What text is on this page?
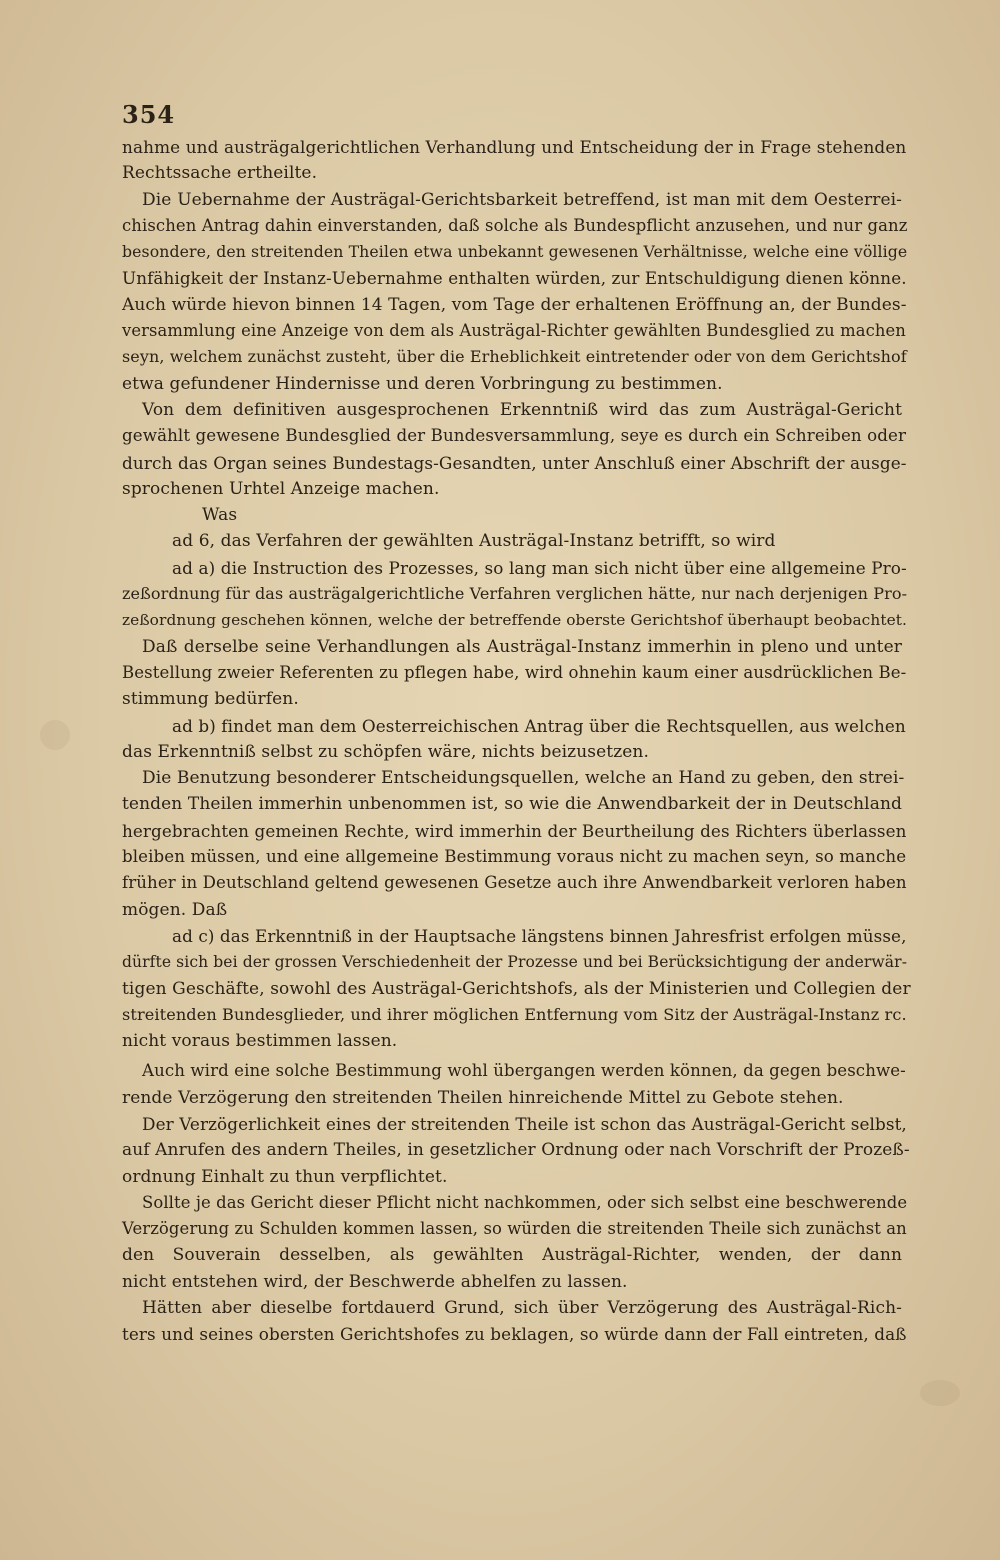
354
nahme und austrägalgerichtlichen Verhandlung und Entscheidung der in Frage stehenden
Rechtssache ertheilte.
Die Uebernahme der Austrägal-Gerichtsbarkeit betreffend, ist man mit dem Oesterrei-
chischen Antrag dahin einverstanden, daß solche als Bundespflicht anzusehen, und nur ganz
besondere, den streitenden Theilen etwa unbekannt gewesenen Verhältnisse, welche eine völlige
Unfähigkeit der Instanz-Uebernahme enthalten würden, zur Entschuldigung dienen könne.
Auch würde hievon binnen 14 Tagen, vom Tage der erhaltenen Eröffnung an, der Bundes-
versammlung eine Anzeige von dem als Austrägal-Richter gewählten Bundesglied zu machen
seyn, welchem zunächst zusteht, über die Erheblichkeit eintretender oder von dem Gerichtshof
etwa gefundener Hindernisse und deren Vorbringung zu bestimmen.
Von dem definitiven ausgesprochenen Erkenntniß wird das zum Austrägal-Gericht
gewählt gewesene Bundesglied der Bundesversammlung, seye es durch ein Schreiben oder
durch das Organ seines Bundestags-Gesandten, unter Anschluß einer Abschrift der ausge-
sprochenen Urhtel Anzeige machen.
Was
ad 6, das Verfahren der gewählten Austrägal-Instanz betrifft, so wird
ad a) die Instruction des Prozesses, so lang man sich nicht über eine allgemeine Pro-
zeßordnung für das austrägalgerichtliche Verfahren verglichen hätte, nur nach derjenigen Pro-
zeßordnung geschehen können, welche der betreffende oberste Gerichtshof überhaupt beobachtet.
Daß derselbe seine Verhandlungen als Austrägal-Instanz immerhin in pleno und unter
Bestellung zweier Referenten zu pflegen habe, wird ohnehin kaum einer ausdrücklichen Be-
stimmung bedürfen.
ad b) findet man dem Oesterreichischen Antrag über die Rechtsquellen, aus welchen
das Erkenntniß selbst zu schöpfen wäre, nichts beizusetzen.
Die Benutzung besonderer Entscheidungsquellen, welche an Hand zu geben, den strei-
tenden Theilen immerhin unbenommen ist, so wie die Anwendbarkeit der in Deutschland
hergebrachten gemeinen Rechte, wird immerhin der Beurtheilung des Richters überlassen
bleiben müssen, und eine allgemeine Bestimmung voraus nicht zu machen seyn, so manche
früher in Deutschland geltend gewesenen Gesetze auch ihre Anwendbarkeit verloren haben
mögen. Daß
ad c) das Erkenntniß in der Hauptsache längstens binnen Jahresfrist erfolgen müsse,
dürfte sich bei der grossen Verschiedenheit der Prozesse und bei Berücksichtigung der anderwär-
tigen Geschäfte, sowohl des Austrägal-Gerichtshofs, als der Ministerien und Collegien der
streitenden Bundesglieder, und ihrer möglichen Entfernung vom Sitz der Austrägal-Instanz rc.
nicht voraus bestimmen lassen.
Auch wird eine solche Bestimmung wohl übergangen werden können, da gegen beschwe-
rende Verzögerung den streitenden Theilen hinreichende Mittel zu Gebote stehen.
Der Verzögerlichkeit eines der streitenden Theile ist schon das Austrägal-Gericht selbst,
auf Anrufen des andern Theiles, in gesetzlicher Ordnung oder nach Vorschrift der Prozeß-
ordnung Einhalt zu thun verpflichtet.
Sollte je das Gericht dieser Pflicht nicht nachkommen, oder sich selbst eine beschwerende
Verzögerung zu Schulden kommen lassen, so würden die streitenden Theile sich zunächst an
den Souverain desselben, als gewählten Austrägal-Richter, wenden, der dann
nicht entstehen wird, der Beschwerde abhelfen zu lassen.
Hätten aber dieselbe fortdauerd Grund, sich über Verzögerung des Austrägal-Rich-
ters und seines obersten Gerichtshofes zu beklagen, so würde dann der Fall eintreten, daß
